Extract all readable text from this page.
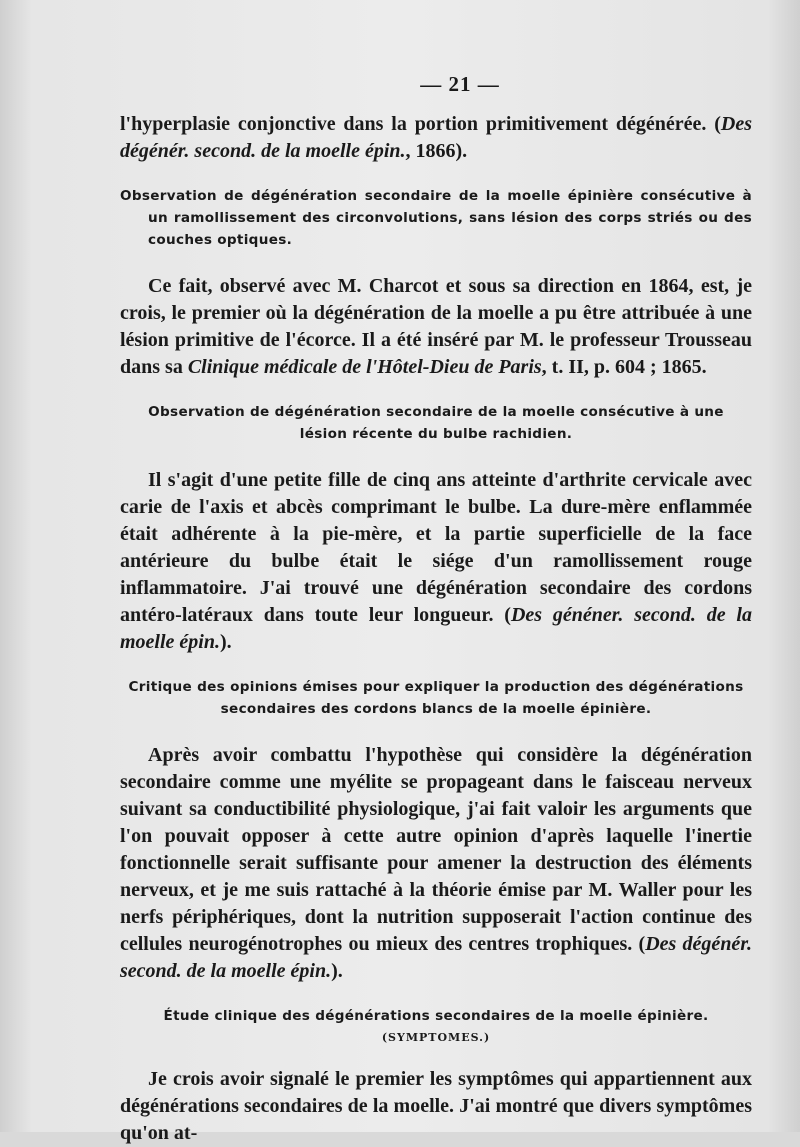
— 21 —

l'hyperplasie conjonctive dans la portion primitivement dégénérée. (Des dégénér. second. de la moelle épin., 1866).

Observation de dégénération secondaire de la moelle épinière consécutive à un ramollissement des circonvolutions, sans lésion des corps striés ou des couches optiques.

Ce fait, observé avec M. Charcot et sous sa direction en 1864, est, je crois, le premier où la dégénération de la moelle a pu être attribuée à une lésion primitive de l'écorce. Il a été inséré par M. le professeur Trousseau dans sa Clinique médicale de l'Hôtel-Dieu de Paris, t. II, p. 604 ; 1865.

Observation de dégénération secondaire de la moelle consécutive à une lésion récente du bulbe rachidien.

Il s'agit d'une petite fille de cinq ans atteinte d'arthrite cervicale avec carie de l'axis et abcès comprimant le bulbe. La dure-mère enflammée était adhérente à la pie-mère, et la partie superficielle de la face antérieure du bulbe était le siége d'un ramollissement rouge inflammatoire. J'ai trouvé une dégénération secondaire des cordons antéro-latéraux dans toute leur longueur. (Des généner. second. de la moelle épin.).

Critique des opinions émises pour expliquer la production des dégénérations secondaires des cordons blancs de la moelle épinière.

Après avoir combattu l'hypothèse qui considère la dégénération secondaire comme une myélite se propageant dans le faisceau nerveux suivant sa conductibilité physiologique, j'ai fait valoir les arguments que l'on pouvait opposer à cette autre opinion d'après laquelle l'inertie fonctionnelle serait suffisante pour amener la destruction des éléments nerveux, et je me suis rattaché à la théorie émise par M. Waller pour les nerfs périphériques, dont la nutrition supposerait l'action continue des cellules neurogénotrophes ou mieux des centres trophiques. (Des dégénér. second. de la moelle épin.).

Étude clinique des dégénérations secondaires de la moelle épinière.
(SYMPTOMES.)

Je crois avoir signalé le premier les symptômes qui appartiennent aux dégénérations secondaires de la moelle. J'ai montré que divers symptômes qu'on at-
